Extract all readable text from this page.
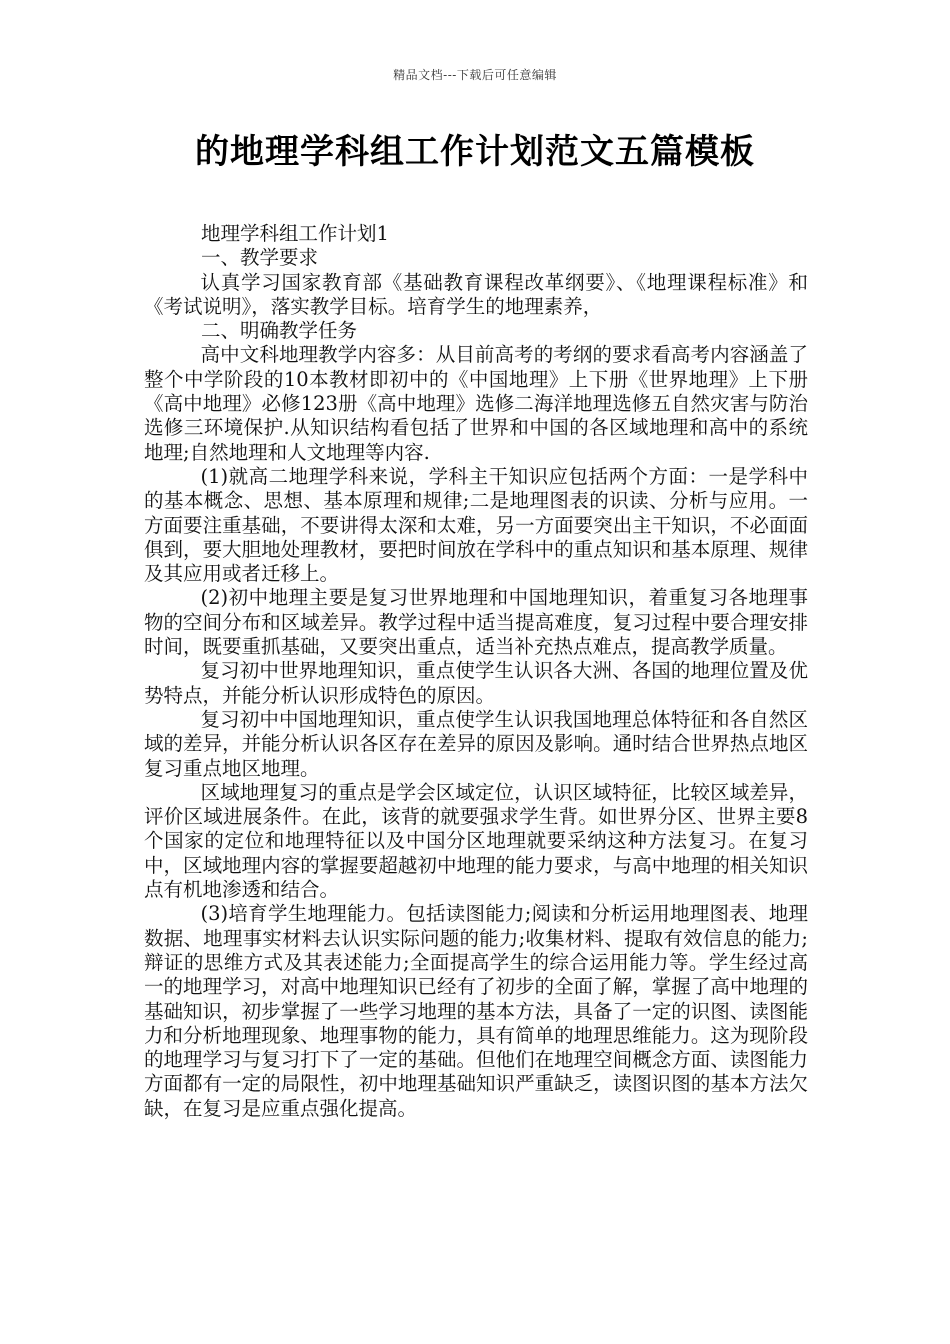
精品文档---下载后可任意编辑
的地理学科组工作计划范文五篇模板

地理学科组工作计划1

一、教学要求

认真学习国家教育部《基础教育课程改革纲要》、《地理课程标准》和《考试说明》，落实教学目标。培育学生的地理素养，

二、明确教学任务

高中文科地理教学内容多：从目前高考的考纲的要求看高考内容涵盖了整个中学阶段的10本教材即初中的《中国地理》上下册《世界地理》上下册《高中地理》必修123册《高中地理》选修二海洋地理选修五自然灾害与防治选修三环境保护.从知识结构看包括了世界和中国的各区域地理和高中的系统地理;自然地理和人文地理等内容.

(1)就高二地理学科来说，学科主干知识应包括两个方面：一是学科中的基本概念、思想、基本原理和规律;二是地理图表的识读、分析与应用。一方面要注重基础，不要讲得太深和太难，另一方面要突出主干知识，不必面面俱到，要大胆地处理教材，要把时间放在学科中的重点知识和基本原理、规律及其应用或者迁移上。

(2)初中地理主要是复习世界地理和中国地理知识，着重复习各地理事物的空间分布和区域差异。教学过程中适当提高难度，复习过程中要合理安排时间，既要重抓基础，又要突出重点，适当补充热点难点，提高教学质量。

复习初中世界地理知识，重点使学生认识各大洲、各国的地理位置及优势特点，并能分析认识形成特色的原因。

复习初中中国地理知识，重点使学生认识我国地理总体特征和各自然区域的差异，并能分析认识各区存在差异的原因及影响。通时结合世界热点地区复习重点地区地理。

区域地理复习的重点是学会区域定位，认识区域特征，比较区域差异，评价区域进展条件。在此，该背的就要强求学生背。如世界分区、世界主要8个国家的定位和地理特征以及中国分区地理就要采纳这种方法复习。在复习中，区域地理内容的掌握要超越初中地理的能力要求，与高中地理的相关知识点有机地渗透和结合。

(3)培育学生地理能力。包括读图能力;阅读和分析运用地理图表、地理数据、地理事实材料去认识实际问题的能力;收集材料、提取有效信息的能力;辩证的思维方式及其表述能力;全面提高学生的综合运用能力等。学生经过高一的地理学习，对高中地理知识已经有了初步的全面了解，掌握了高中地理的基础知识，初步掌握了一些学习地理的基本方法，具备了一定的识图、读图能力和分析地理现象、地理事物的能力，具有简单的地理思维能力。这为现阶段的地理学习与复习打下了一定的基础。但他们在地理空间概念方面、读图能力方面都有一定的局限性，初中地理基础知识严重缺乏，读图识图的基本方法欠缺，在复习是应重点强化提高。
